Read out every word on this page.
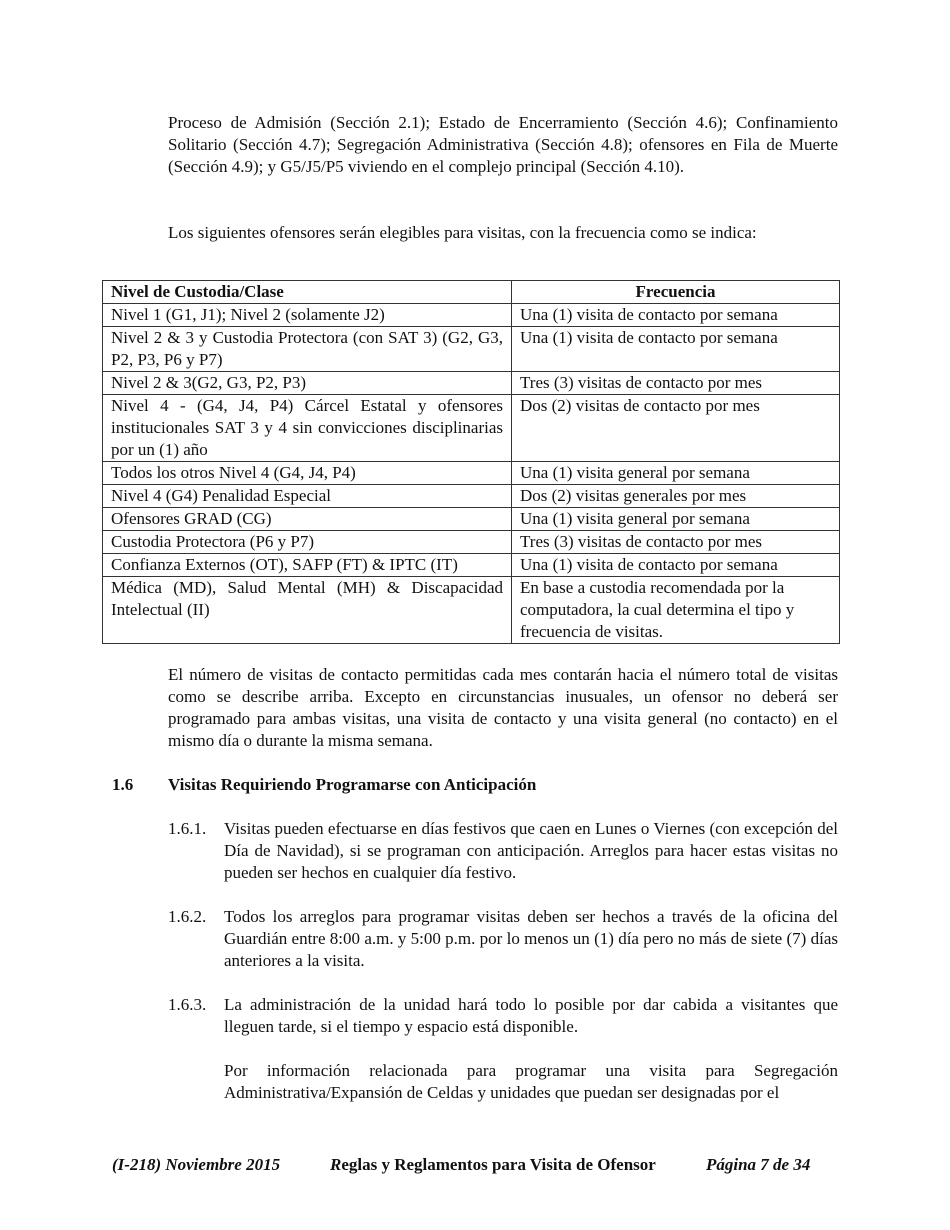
Proceso de Admisión (Sección 2.1); Estado de Encerramiento (Sección 4.6); Confinamiento Solitario (Sección 4.7); Segregación Administrativa (Sección 4.8); ofensores en Fila de Muerte (Sección 4.9); y G5/J5/P5 viviendo en el complejo principal (Sección 4.10).

Los siguientes ofensores serán elegibles para visitas, con la frecuencia como se indica:

Nivel de Custodia/Clase	Frecuencia
Nivel 1 (G1, J1); Nivel 2 (solamente J2)	Una (1) visita de contacto por semana
Nivel 2 & 3 y Custodia Protectora (con SAT 3) (G2, G3, P2, P3, P6 y P7)	Una (1) visita de contacto por semana
Nivel 2 & 3(G2, G3, P2, P3)	Tres (3) visitas de contacto por mes
Nivel 4 - (G4, J4, P4) Cárcel Estatal y ofensores institucionales SAT 3 y 4 sin convicciones disciplinarias por un (1) año	Dos (2) visitas de contacto por mes
Todos los otros Nivel 4 (G4, J4, P4)	Una (1) visita general por semana
Nivel 4 (G4) Penalidad Especial	Dos (2) visitas generales por mes
Ofensores GRAD (CG)	Una (1) visita general por semana
Custodia Protectora (P6 y P7)	Tres (3) visitas de contacto por mes
Confianza Externos (OT), SAFP (FT) & IPTC (IT)	Una (1) visita de contacto por semana
Médica (MD), Salud Mental (MH) & Discapacidad Intelectual (II)	En base a custodia recomendada por la computadora, la cual determina el tipo y frecuencia de visitas.

El número de visitas de contacto permitidas cada mes contarán hacia el número total de visitas como se describe arriba. Excepto en circunstancias inusuales, un ofensor no deberá ser programado para ambas visitas, una visita de contacto y una visita general (no contacto) en el mismo día o durante la misma semana.

1.6 Visitas Requiriendo Programarse con Anticipación

1.6.1. Visitas pueden efectuarse en días festivos que caen en Lunes o Viernes (con excepción del Día de Navidad), si se programan con anticipación. Arreglos para hacer estas visitas no pueden ser hechos en cualquier día festivo.

1.6.2. Todos los arreglos para programar visitas deben ser hechos a través de la oficina del Guardián entre 8:00 a.m. y 5:00 p.m. por lo menos un (1) día pero no más de siete (7) días anteriores a la visita.

1.6.3. La administración de la unidad hará todo lo posible por dar cabida a visitantes que lleguen tarde, si el tiempo y espacio está disponible.

Por información relacionada para programar una visita para Segregación Administrativa/Expansión de Celdas y unidades que puedan ser designadas por el

(I-218) Noviembre 2015	Reglas y Reglamentos para Visita de Ofensor	Página 7 de 34
